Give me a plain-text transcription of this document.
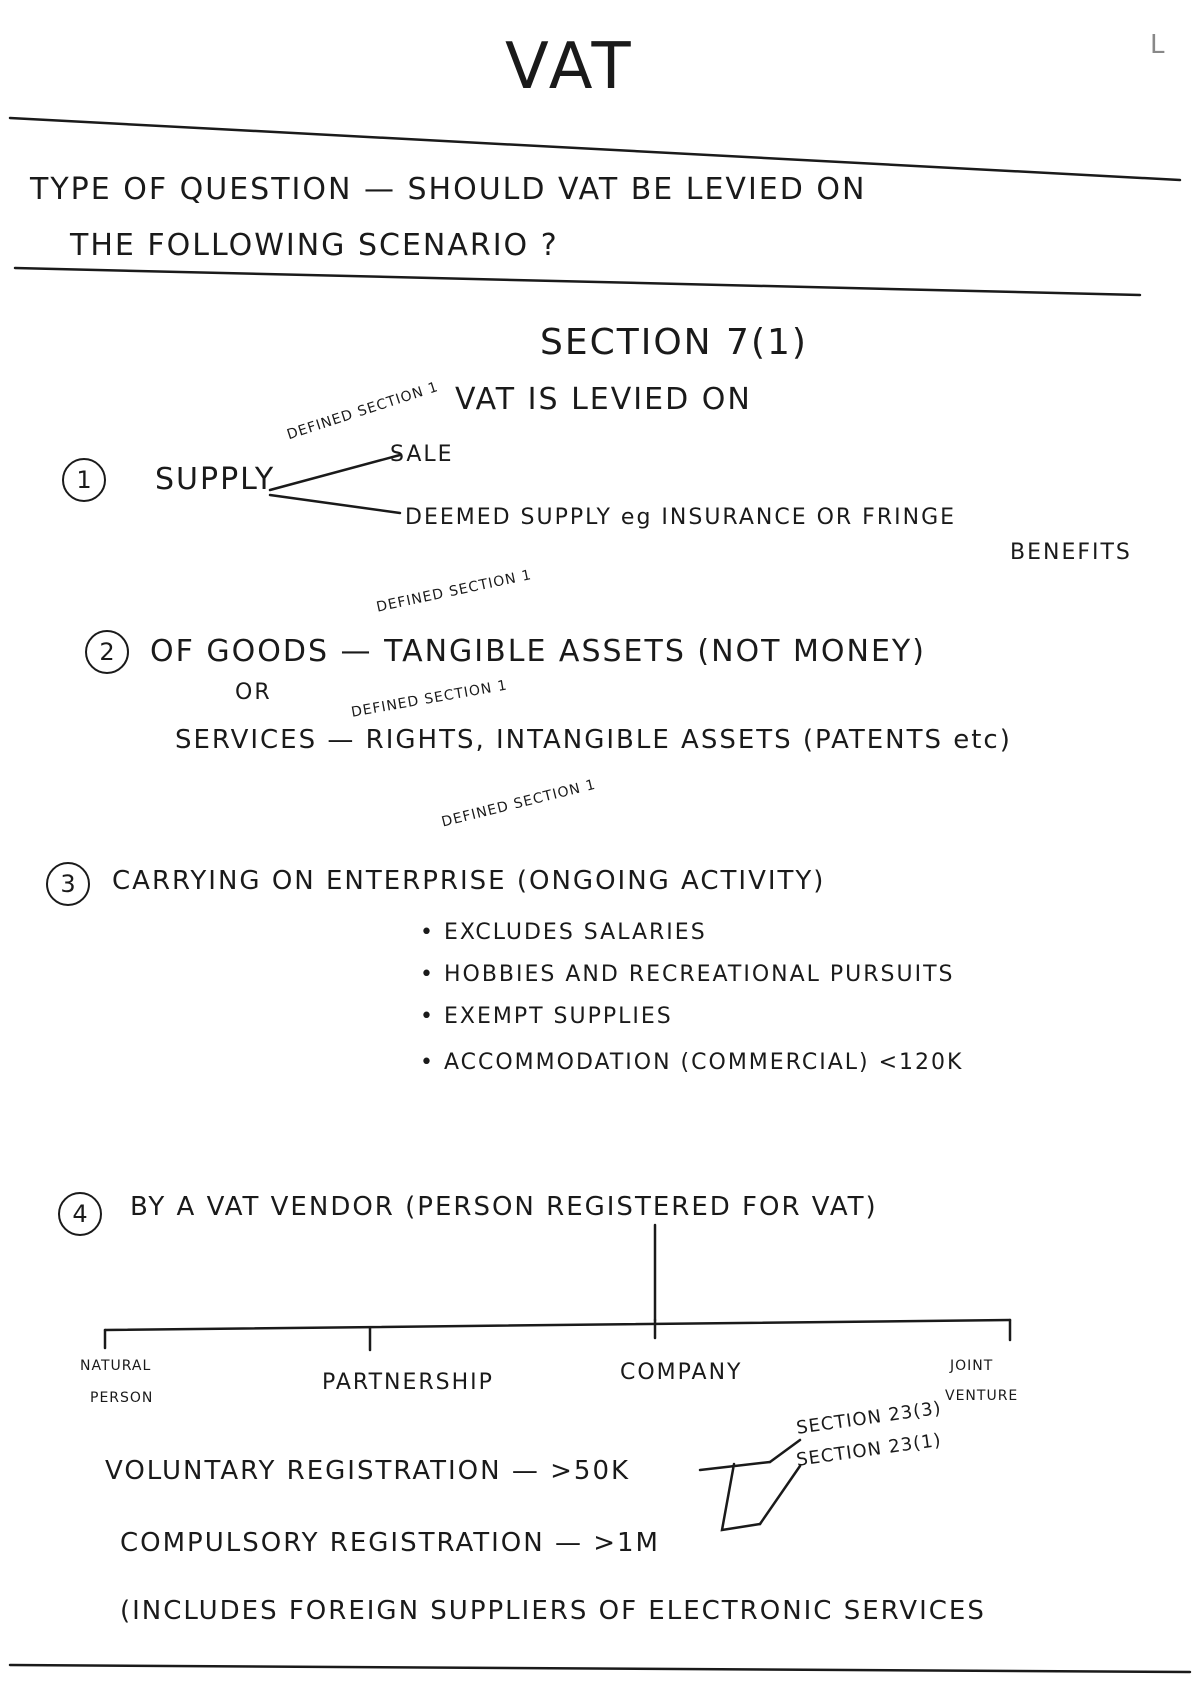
VAT	L
TYPE OF QUESTION — SHOULD VAT BE LEVIED ON
THE FOLLOWING SCENARIO ?
SECTION 7(1)
VAT IS LEVIED ON
1	SUPPLY
DEFINED SECTION 1
SALE
DEEMED SUPPLY eg INSURANCE OR FRINGE
BENEFITS
DEFINED SECTION 1
2	OF GOODS — TANGIBLE ASSETS (NOT MONEY)
OR	DEFINED SECTION 1
SERVICES — RIGHTS, INTANGIBLE ASSETS (PATENTS etc)
DEFINED SECTION 1
3	CARRYING ON ENTERPRISE (ONGOING ACTIVITY)
• EXCLUDES SALARIES
• HOBBIES AND RECREATIONAL PURSUITS
• EXEMPT SUPPLIES
• ACCOMMODATION (COMMERCIAL) <120K
4	BY A VAT VENDOR (PERSON REGISTERED FOR VAT)
NATURAL
PERSON
PARTNERSHIP	COMPANY	JOINT
VENTURE
VOLUNTARY REGISTRATION — >50K
SECTION 23(3)
SECTION 23(1)
COMPULSORY REGISTRATION — >1M
(INCLUDES FOREIGN SUPPLIERS OF ELECTRONIC SERVICES
